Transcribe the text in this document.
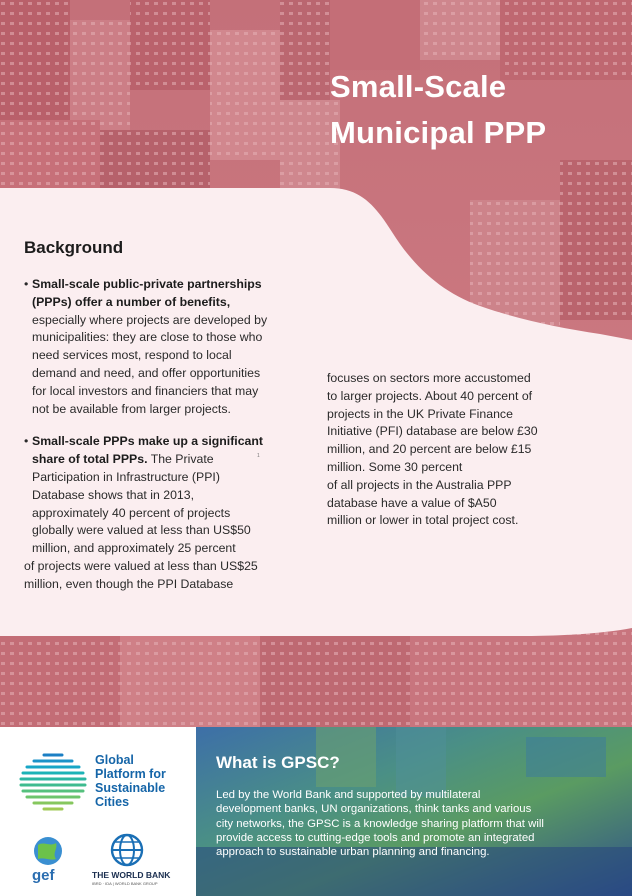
Small-Scale
Municipal PPP
Background
• Small-scale public-private partnerships
(PPPs) offer a number of benefits,
especially where projects are developed by
municipalities: they are close to those who
need services most, respond to local
demand and need, and offer opportunities
for local investors and financiers that may
not be available from larger projects.
• Small-scale PPPs make up a significant
share of total PPPs. The Private
Participation in Infrastructure (PPI)
Database shows that in 2013,
approximately 40 percent of projects
globally were valued at less than US$50
million, and approximately 25 percent
of projects were valued at less than US$25
million, even though the PPI Database
1
focuses on sectors more accustomed
to larger projects. About 40 percent of
projects in the UK Private Finance
Initiative (PFI) database are below £30
million, and 20 percent are below £15
million. Some 30 percent
of all projects in the Australia PPP
database have a value of $A50
million or lower in total project cost.
Global
Platform for
Sustainable
Cities
gef	THE WORLD BANK
IBRD · IDA | WORLD BANK GROUP
What is GPSC?
Led by the World Bank and supported by multilateral
development banks, UN organizations, think tanks and various
city networks, the GPSC is a knowledge sharing platform that will
provide access to cutting-edge tools and promote an integrated
approach to sustainable urban planning and financing.
